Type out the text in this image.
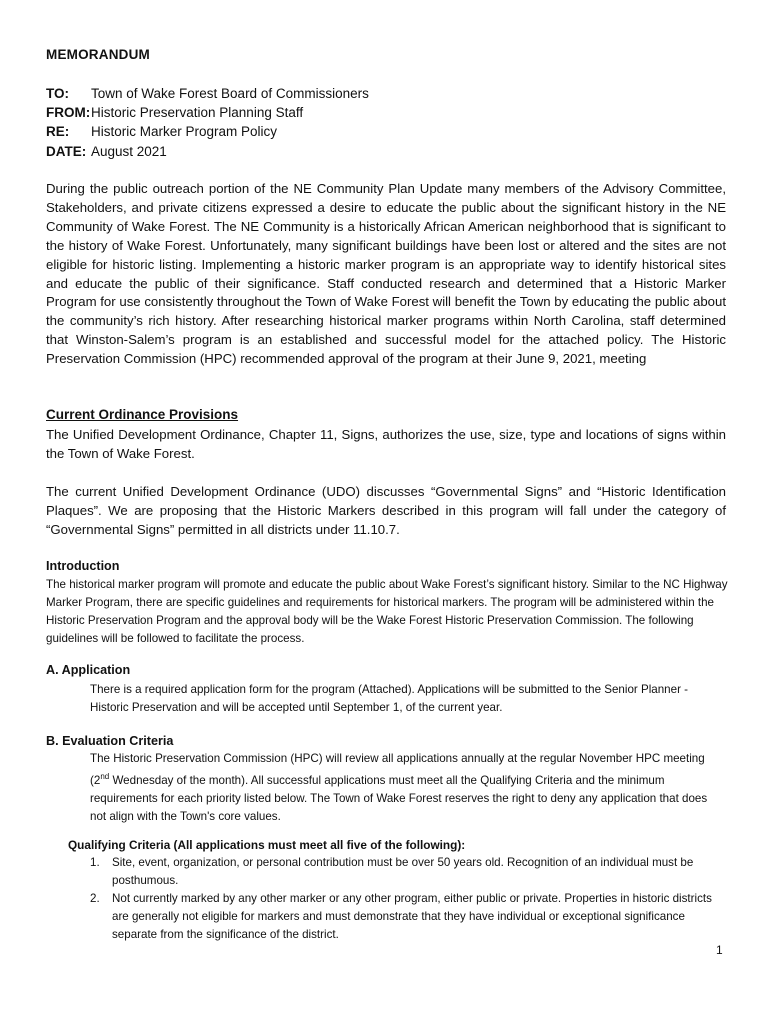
MEMORANDUM
TO: Town of Wake Forest Board of Commissioners
FROM:Historic Preservation Planning Staff
RE: Historic Marker Program Policy
DATE: August 2021
During the public outreach portion of the NE Community Plan Update many members of the Advisory Committee, Stakeholders, and private citizens expressed a desire to educate the public about the significant history in the NE Community of Wake Forest. The NE Community is a historically African American neighborhood that is significant to the history of Wake Forest. Unfortunately, many significant buildings have been lost or altered and the sites are not eligible for historic listing. Implementing a historic marker program is an appropriate way to identify historical sites and educate the public of their significance. Staff conducted research and determined that a Historic Marker Program for use consistently throughout the Town of Wake Forest will benefit the Town by educating the public about the community’s rich history. After researching historical marker programs within North Carolina, staff determined that Winston-Salem’s program is an established and successful model for the attached policy. The Historic Preservation Commission (HPC) recommended approval of the program at their June 9, 2021, meeting
Current Ordinance Provisions
The Unified Development Ordinance, Chapter 11, Signs, authorizes the use, size, type and locations of signs within the Town of Wake Forest.
The current Unified Development Ordinance (UDO) discusses “Governmental Signs” and “Historic Identification Plaques”. We are proposing that the Historic Markers described in this program will fall under the category of “Governmental Signs” permitted in all districts under 11.10.7.
Introduction
The historical marker program will promote and educate the public about Wake Forest’s significant history. Similar to the NC Highway Marker Program, there are specific guidelines and requirements for historical markers. The program will be administered within the Historic Preservation Program and the approval body will be the Wake Forest Historic Preservation Commission. The following guidelines will be followed to facilitate the process.
A. Application
There is a required application form for the program (Attached). Applications will be submitted to the Senior Planner - Historic Preservation and will be accepted until September 1, of the current year.
B. Evaluation Criteria
The Historic Preservation Commission (HPC) will review all applications annually at the regular November HPC meeting (2nd Wednesday of the month). All successful applications must meet all the Qualifying Criteria and the minimum requirements for each priority listed below. The Town of Wake Forest reserves the right to deny any application that does not align with the Town's core values.
Qualifying Criteria (All applications must meet all five of the following):
1. Site, event, organization, or personal contribution must be over 50 years old. Recognition of an individual must be posthumous.
2. Not currently marked by any other marker or any other program, either public or private. Properties in historic districts are generally not eligible for markers and must demonstrate that they have individual or exceptional significance separate from the significance of the district.
1
